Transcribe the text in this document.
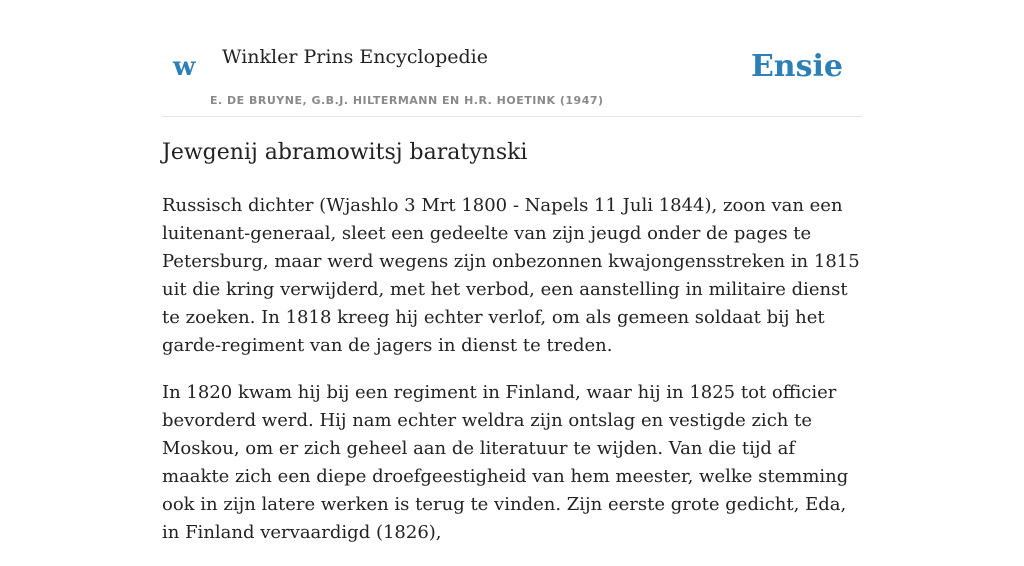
w Winkler Prins Encyclopedie
E. DE BRUYNE, G.B.J. HILTERMANN EN H.R. HOETINK (1947)
Ensie
Jewgenij abramowitsj baratynski

Russisch dichter (Wjashlo 3 Mrt 1800 - Napels 11 Juli 1844), zoon van een luitenant-generaal, sleet een gedeelte van zijn jeugd onder de pages te Petersburg, maar werd wegens zijn onbezonnen kwajongensstreken in 1815 uit die kring verwijderd, met het verbod, een aanstelling in militaire dienst te zoeken. In 1818 kreeg hij echter verlof, om als gemeen soldaat bij het garde-regiment van de jagers in dienst te treden.

In 1820 kwam hij bij een regiment in Finland, waar hij in 1825 tot officier bevorderd werd. Hij nam echter weldra zijn ontslag en vestigde zich te Moskou, om er zich geheel aan de literatuur te wijden. Van die tijd af maakte zich een diepe droefgeestigheid van hem meester, welke stemming ook in zijn latere werken is terug te vinden. Zijn eerste grote gedicht, Eda, in Finland vervaardigd (1826),
